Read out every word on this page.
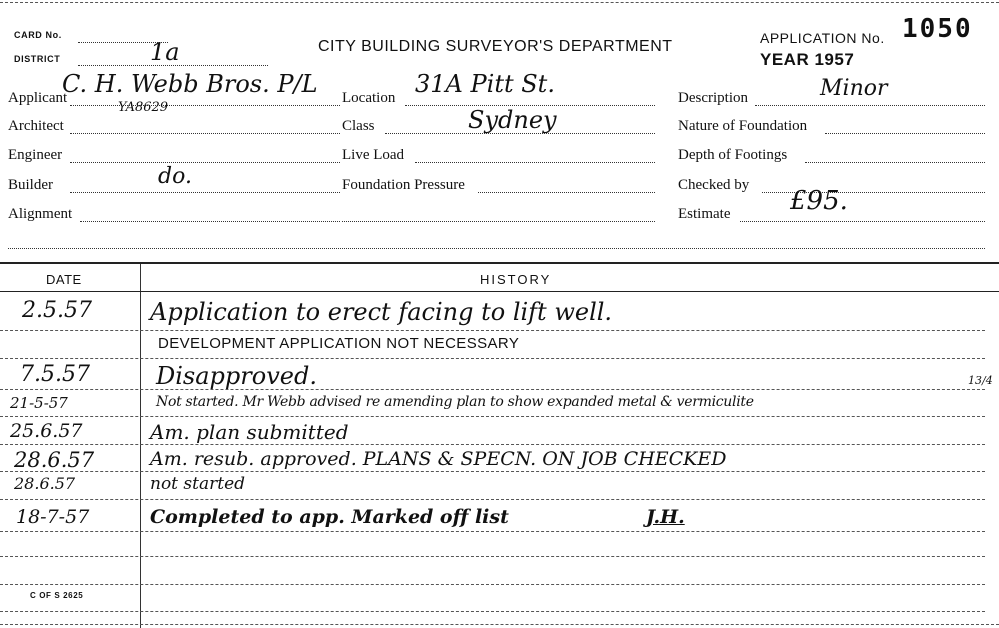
CARD No.
DISTRICT	1a	CITY BUILDING SURVEYOR'S DEPARTMENT	APPLICATION No. 1050
YEAR 1957
Applicant
C. H. Webb Bros. P/L
YA8629
Architect
Engineer
Builder	do.
Alignment
Location 31A Pitt St.
Class	Sydney
Live Load
Foundation Pressure
Description	Minor
Nature of Foundation
Depth of Footings
Checked by
Estimate £95.
DATE	HISTORY
2.5.57 Application to erect facing to lift well.
DEVELOPMENT APPLICATION NOT NECESSARY
7.5.57	Disapproved.
21-5-57	Not started. Mr Webb advised re amending plan to show expanded metal & vermiculite
13/4
25.6.57	Am. plan submitted
28.6.57	Am. resub. approved. PLANS & SPECN. ON JOB CHECKED
28.6.57	not started
18-7-57	Completed to app. Marked off list	J.H.
C OF S 2625
